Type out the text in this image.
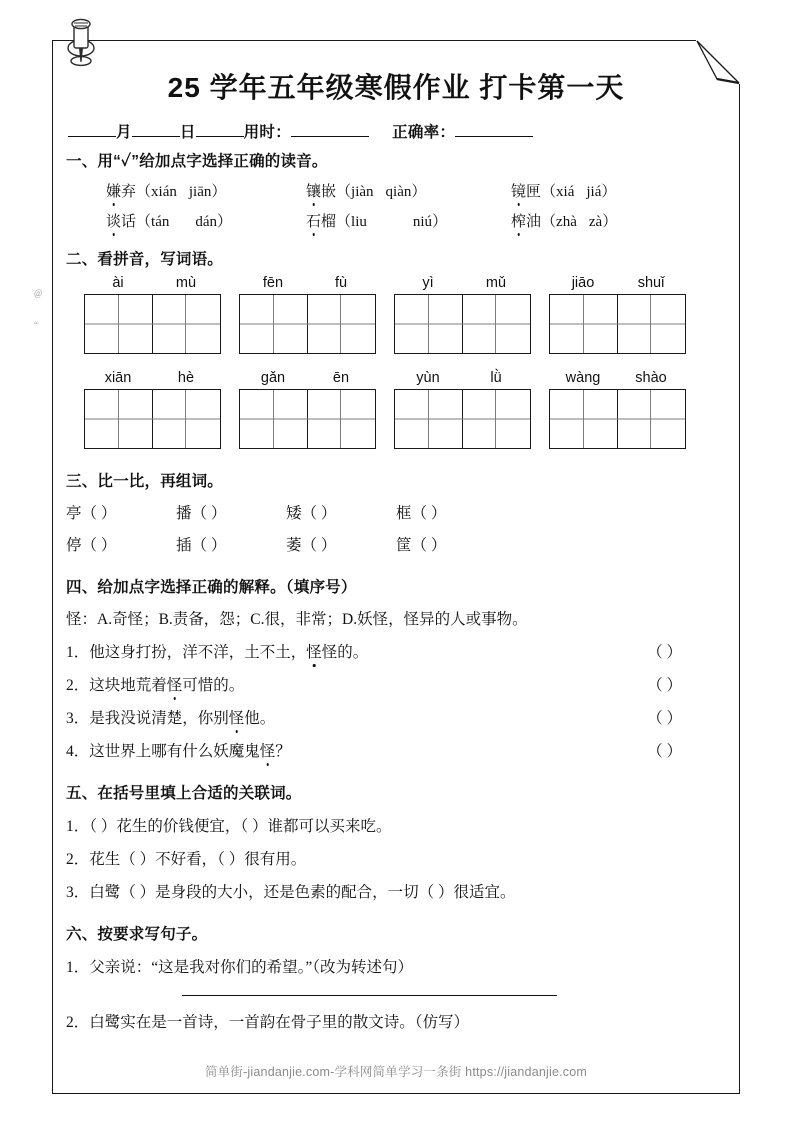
@
“
25 学年五年级寒假作业 打卡第一天
月	日	用时：	正确率：
一、用“✓”给加点字选择正确的读音。
嫌弃（xián jiān）	镶嵌（jiàn qiàn）	镜匣（xiá jiá）
谈话（tán dán）	石榴（liu	niú）	榨油（zhà zà）
二、看拼音，写词语。
ài	mù	fēn	fù	yì	mǔ	jiāo	shuǐ
xiān	hè	gǎn	ēn	yùn	lǜ	wàng	shào
三、比一比，再组词。
亭（ ）	播（ ）	矮（ ）	框（ ）
停（ ）	插（ ）	萎（ ）	筐（ ）
四、给加点字选择正确的解释。（填序号）
怪：A.奇怪；B.责备，怨；C.很，非常；D.妖怪，怪异的人或事物。
1． 他这身打扮，洋不洋，土不土， 怪 怪的。	（ ）
2． 这块地荒着 怪 可惜的。	（ ）
3． 是我没说清楚，你别 怪 他。	（ ）
4． 这世界上哪有什么妖魔鬼 怪 ？	（ ）
五、在括号里填上合适的关联词。
1．（ ）花生的价钱便宜，（ ）谁都可以买来吃。
2．花生（ ）不好看，（ ）很有用。
3．白鹭（ ）是身段的大小，还是色素的配合，一切（ ）很适宜。
六、按要求写句子。
1．父亲说：“这是我对你们的希望。”（改为转述句）
2．白鹭实在是一首诗，一首韵在骨子里的散文诗。（仿写）
简单街-jiandanjie.com-学科网简单学习一条街 https://jiandanjie.com
